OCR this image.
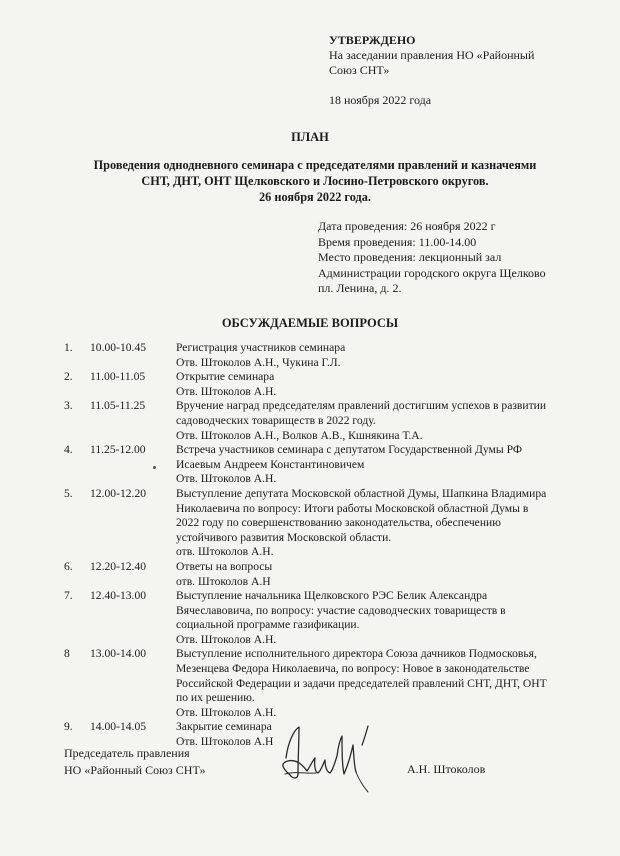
УТВЕРЖДЕНО
На заседании правления НО «Районный
Союз СНТ»
18 ноября 2022 года
ПЛАН
Проведения однодневного семинара с председателями правлений и казначеями
СНТ, ДНТ, ОНТ Щелковского и Лосино-Петровского округов.
26 ноября 2022 года.
Дата проведения: 26 ноября 2022 г
Время проведения: 11.00-14.00
Место проведения: лекционный зал
Администрации городского округа Щелково
пл. Ленина, д. 2.
ОБСУЖДАЕМЫЕ ВОПРОСЫ
1. 10.00-10.45	Регистрация участников семинара
Отв. Штоколов А.Н., Чукина Г.Л.
2. 11.00-11.05	Открытие семинара
Отв. Штоколов А.Н.
3. 11.05-11.25	Вручение наград председателям правлений достигшим успехов в развитии
садоводческих товариществ в 2022 году.
Отв. Штоколов А.Н., Волков А.В., Кшнякина Т.А.
4. 11.25-12.00	Встреча участников семинара с депутатом Государственной Думы РФ
Исаевым Андреем Константиновичем
Отв. Штоколов А.Н.
5. 12.00-12.20	Выступление депутата Московской областной Думы, Шапкина Владимира
Николаевича по вопросу: Итоги работы Московской областной Думы в
2022 году по совершенствованию законодательства, обеспечению
устойчивого развития Московской области.
отв. Штоколов А.Н.
6. 12.20-12.40	Ответы на вопросы
отв. Штоколов А.Н
7. 12.40-13.00	Выступление начальника Щелковского РЭС Белик Александра
Вячеславовича, по вопросу: участие садоводческих товариществ в
социальной программе газификации.
Отв. Штоколов А.Н.
8 13.00-14.00	Выступление исполнительного директора Союза дачников Подмосковья,
Мезенцева Федора Николаевича, по вопросу: Новое в законодательстве
Российской Федерации и задачи председателей правлений СНТ, ДНТ, ОНТ
по их решению.
Отв. Штоколов А.Н.
9. 14.00-14.05	Закрытие семинара
Отв. Штоколов А.Н
Председатель правления
НО «Районный Союз СНТ»	А.Н. Штоколов
